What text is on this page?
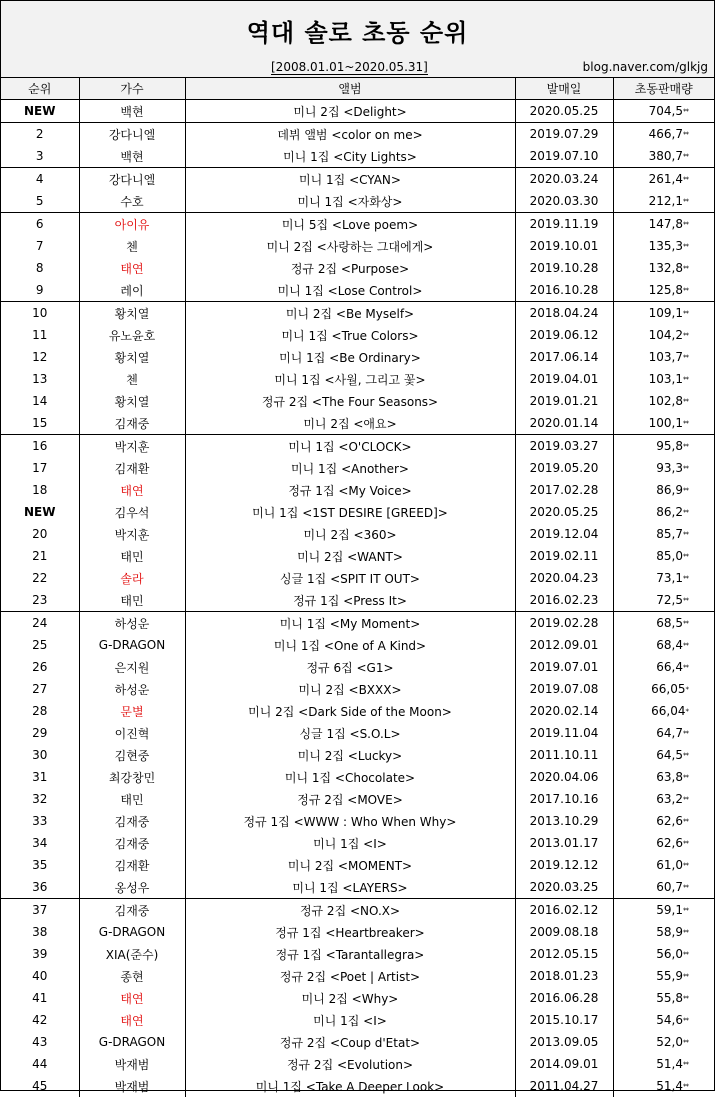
역대 솔로 초동 순위
[2008.01.01~2020.05.31]	blog.naver.com/glkjg
순위	가수	앨범	발매일	초동판매량
NEW	백현	미니 2집 <Delight>	2020.05.25	704,5**
2	강다니엘	데뷔 앨범 <color on me>	2019.07.29	466,7**
3	백현	미니 1집 <City Lights>	2019.07.10	380,7**
4	강다니엘	미니 1집 <CYAN>	2020.03.24	261,4**
5	수호	미니 1집 <자화상>	2020.03.30	212,1**
6	아이유	미니 5집 <Love poem>	2019.11.19	147,8**
7	첸	미니 2집 <사랑하는 그대에게>	2019.10.01	135,3**
8	태연	정규 2집 <Purpose>	2019.10.28	132,8**
9	레이	미니 1집 <Lose Control>	2016.10.28	125,8**
10	황치열	미니 2집 <Be Myself>	2018.04.24	109,1**
11	유노윤호	미니 1집 <True Colors>	2019.06.12	104,2**
12	황치열	미니 1집 <Be Ordinary>	2017.06.14	103,7**
13	첸	미니 1집 <사월, 그리고 꽃>	2019.04.01	103,1**
14	황치열	정규 2집 <The Four Seasons>	2019.01.21	102,8**
15	김재중	미니 2집 <애요>	2020.01.14	100,1**
16	박지훈	미니 1집 <O'CLOCK>	2019.03.27	95,8**
17	김재환	미니 1집 <Another>	2019.05.20	93,3**
18	태연	정규 1집 <My Voice>	2017.02.28	86,9**
NEW	김우석	미니 1집 <1ST DESIRE [GREED]>	2020.05.25	86,2**
20	박지훈	미니 2집 <360>	2019.12.04	85,7**
21	태민	미니 2집 <WANT>	2019.02.11	85,0**
22	솔라	싱글 1집 <SPIT IT OUT>	2020.04.23	73,1**
23	태민	정규 1집 <Press It>	2016.02.23	72,5**
24	하성운	미니 1집 <My Moment>	2019.02.28	68,5**
25	G-DRAGON	미니 1집 <One of A Kind>	2012.09.01	68,4**
26	은지원	정규 6집 <G1>	2019.07.01	66,4**
27	하성운	미니 2집 <BXXX>	2019.07.08	66,05*
28	문별	미니 2집 <Dark Side of the Moon>	2020.02.14	66,04*
29	이진혁	싱글 1집 <S.O.L>	2019.11.04	64,7**
30	김현중	미니 2집 <Lucky>	2011.10.11	64,5**
31	최강창민	미니 1집 <Chocolate>	2020.04.06	63,8**
32	태민	정규 2집 <MOVE>	2017.10.16	63,2**
33	김재중	정규 1집 <WWW : Who When Why>	2013.10.29	62,6**
34	김재중	미니 1집 <I>	2013.01.17	62,6**
35	김재환	미니 2집 <MOMENT>	2019.12.12	61,0**
36	옹성우	미니 1집 <LAYERS>	2020.03.25	60,7**
37	김재중	정규 2집 <NO.X>	2016.02.12	59,1**
38	G-DRAGON	정규 1집 <Heartbreaker>	2009.08.18	58,9**
39	XIA(준수)	정규 1집 <Tarantallegra>	2012.05.15	56,0**
40	종현	정규 2집 <Poet | Artist>	2018.01.23	55,9**
41	태연	미니 2집 <Why>	2016.06.28	55,8**
42	태연	미니 1집 <I>	2015.10.17	54,6**
43	G-DRAGON	정규 2집 <Coup d'Etat>	2013.09.05	52,0**
44	박재범	정규 2집 <Evolution>	2014.09.01	51,4**
45	박재범	미니 1집 <Take A Deeper Look>	2011.04.27	51,4**
